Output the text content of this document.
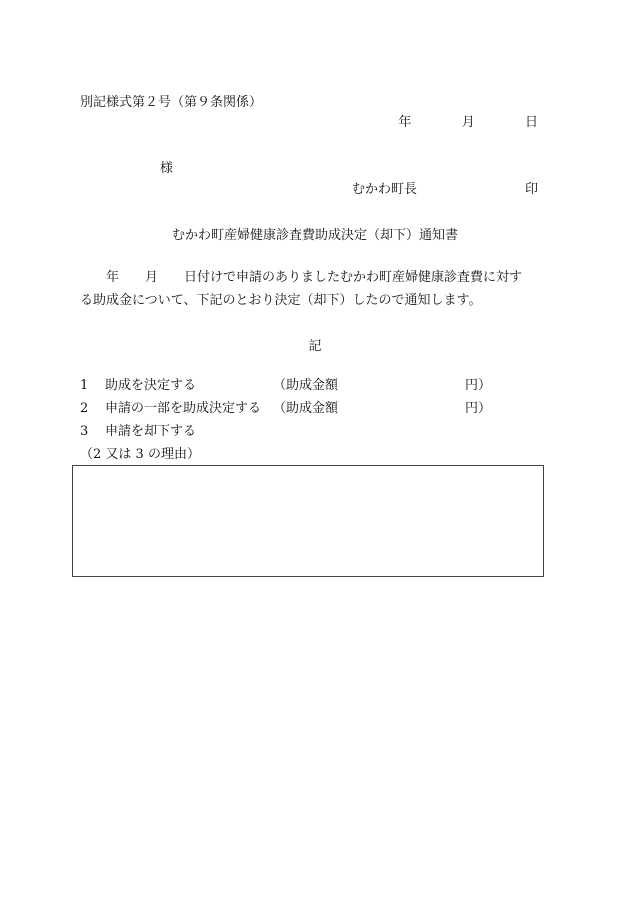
別記様式第２号（第９条関係）
年	月	日
様
むかわ町長	印
むかわ町産婦健康診査費助成決定（却下）通知書
　　年　　月　　日付けで申請のありましたむかわ町産婦健康診査費に対す
る助成金について、下記のとおり決定（却下）したので通知します。
記
1 助成を決定する	（助成金額	円）
2 申請の一部を助成決定する （助成金額	円）
3 申請を却下する
（2 又は 3 の理由）
